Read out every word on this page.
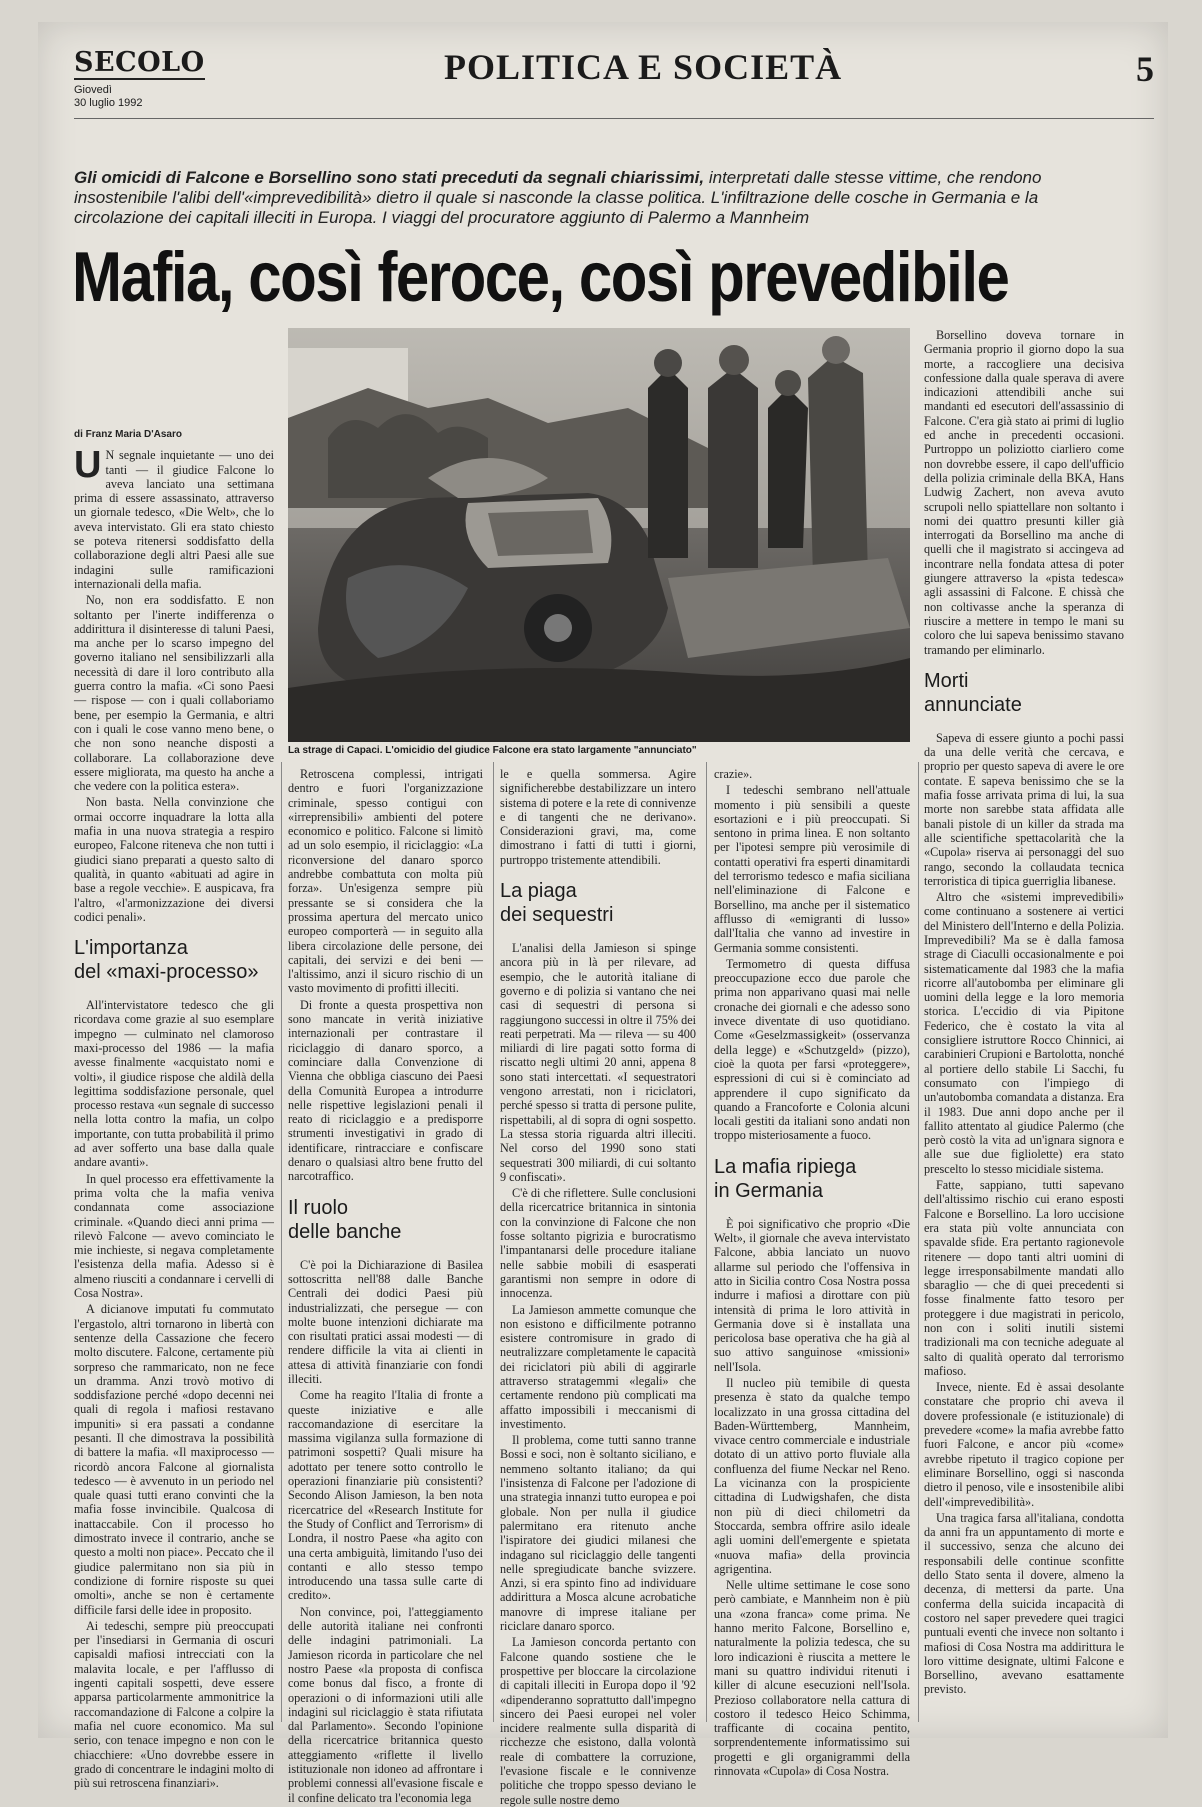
SECOLO
Giovedì
30 luglio 1992
POLITICA E SOCIETÀ	5
Gli omicidi di Falcone e Borsellino sono stati preceduti da segnali chiarissimi, interpretati dalle stesse vittime, che rendono insostenibile l'alibi dell'«imprevedibilità» dietro il quale si nasconde la classe politica. L'infiltrazione delle cosche in Germania e la circolazione dei capitali illeciti in Europa. I viaggi del procuratore aggiunto di Palermo a Mannheim
Mafia, così feroce, così prevedibile
La strage di Capaci. L'omicidio del giudice Falcone era stato largamente "annunciato"
di Franz Maria D'Asaro

U N segnale inquietante — uno dei tanti — il giudice Falcone lo aveva lanciato una settimana prima di essere assassinato, attraverso un giornale tedesco, «Die Welt», che lo aveva intervistato. Gli era stato chiesto se poteva ritenersi soddisfatto della collaborazione degli altri Paesi alle sue indagini sulle ramificazioni internazionali della mafia.

No, non era soddisfatto. E non soltanto per l'inerte indifferenza o addirittura il disinteresse di taluni Paesi, ma anche per lo scarso impegno del governo italiano nel sensibilizzarli alla necessità di dare il loro contributo alla guerra contro la mafia. «Ci sono Paesi — rispose — con i quali collaboriamo bene, per esempio la Germania, e altri con i quali le cose vanno meno bene, o che non sono neanche disposti a collaborare. La collaborazione deve essere migliorata, ma questo ha anche a che vedere con la politica estera».

Non basta. Nella convinzione che ormai occorre inquadrare la lotta alla mafia in una nuova strategia a respiro europeo, Falcone riteneva che non tutti i giudici siano preparati a questo salto di qualità, in quanto «abituati ad agire in base a regole vecchie». E auspicava, fra l'altro, «l'armonizzazione dei diversi codici penali».

L'importanza
del «maxi-processo»

All'intervistatore tedesco che gli ricordava come grazie al suo esemplare impegno — culminato nel clamoroso maxi-processo del 1986 — la mafia avesse finalmente «acquistato nomi e volti», il giudice rispose che aldilà della legittima soddisfazione personale, quel processo restava «un segnale di successo nella lotta contro la mafia, un colpo importante, con tutta probabilità il primo ad aver sofferto una base dalla quale andare avanti».

In quel processo era effettivamente la prima volta che la mafia veniva condannata come associazione criminale. «Quando dieci anni prima — rilevò Falcone — avevo cominciato le mie inchieste, si negava completamente l'esistenza della mafia. Adesso si è almeno riusciti a condannare i cervelli di Cosa Nostra».

A dicianove imputati fu commutato l'ergastolo, altri tornarono in libertà con sentenze della Cassazione che fecero molto discutere. Falcone, certamente più sorpreso che rammaricato, non ne fece un dramma. Anzi trovò motivo di soddisfazione perché «dopo decenni nei quali di regola i mafiosi restavano impuniti» si era passati a condanne pesanti. Il che dimostrava la possibilità di battere la mafia. «Il maxiprocesso — ricordò ancora Falcone al giornalista tedesco — è avvenuto in un periodo nel quale quasi tutti erano convinti che la mafia fosse invincibile. Qualcosa di inattaccabile. Con il processo ho dimostrato invece il contrario, anche se questo a molti non piace». Peccato che il giudice palermitano non sia più in condizione di fornire risposte su quei omolti», anche se non è certamente difficile farsi delle idee in proposito.

Ai tedeschi, sempre più preoccupati per l'insediarsi in Germania di oscuri capisaldi mafiosi intrecciati con la malavita locale, e per l'afflusso di ingenti capitali sospetti, deve essere apparsa particolarmente ammonitrice la raccomandazione di Falcone a colpire la mafia nel cuore economico. Ma sul serio, con tenace impegno e non con le chiacchiere: «Uno dovrebbe essere in grado di concentrare le indagini molto di più sui retroscena finanziari».

Retroscena complessi, intrigati dentro e fuori l'organizzazione criminale, spesso contigui con «irreprensibili» ambienti del potere economico e politico. Falcone si limitò ad un solo esempio, il riciclaggio: «La riconversione del danaro sporco andrebbe combattuta con molta più forza». Un'esigenza sempre più pressante se si considera che la prossima apertura del mercato unico europeo comporterà — in seguito alla libera circolazione delle persone, dei capitali, dei servizi e dei beni — l'altissimo, anzi il sicuro rischio di un vasto movimento di profitti illeciti.

Di fronte a questa prospettiva non sono mancate in verità iniziative internazionali per contrastare il riciclaggio di danaro sporco, a cominciare dalla Convenzione di Vienna che obbliga ciascuno dei Paesi della Comunità Europea a introdurre nelle rispettive legislazioni penali il reato di riciclaggio e a predisporre strumenti investigativi in grado di identificare, rintracciare e confiscare denaro o qualsiasi altro bene frutto del narcotraffico.

Il ruolo
delle banche

C'è poi la Dichiarazione di Basilea sottoscritta nell'88 dalle Banche Centrali dei dodici Paesi più industrializzati, che persegue — con molte buone intenzioni dichiarate ma con risultati pratici assai modesti — di rendere difficile la vita ai clienti in attesa di attività finanziarie con fondi illeciti.

Come ha reagito l'Italia di fronte a queste iniziative e alle raccomandazione di esercitare la massima vigilanza sulla formazione di patrimoni sospetti? Quali misure ha adottato per tenere sotto controllo le operazioni finanziarie più consistenti? Secondo Alison Jamieson, la ben nota ricercatrice del «Research Institute for the Study of Conflict and Terrorism» di Londra, il nostro Paese «ha agito con una certa ambiguità, limitando l'uso dei contanti e allo stesso tempo introducendo una tassa sulle carte di credito».

Non convince, poi, l'atteggiamento delle autorità italiane nei confronti delle indagini patrimoniali. La Jamieson ricorda in particolare che nel nostro Paese «la proposta di confisca come bonus dal fisco, a fronte di operazioni o di informazioni utili alle indagini sul riciclaggio è stata rifiutata dal Parlamento». Secondo l'opinione della ricercatrice britannica questo atteggiamento «riflette il livello istituzionale non idoneo ad affrontare i problemi connessi all'evasione fiscale e il confine delicato tra l'economia lega

le e quella sommersa. Agire significherebbe destabilizzare un intero sistema di potere e la rete di connivenze e di tangenti che ne derivano». Considerazioni gravi, ma, come dimostrano i fatti di tutti i giorni, purtroppo tristemente attendibili.

La piaga
dei sequestri

L'analisi della Jamieson si spinge ancora più in là per rilevare, ad esempio, che le autorità italiane di governo e di polizia si vantano che nei casi di sequestri di persona si raggiungono successi in oltre il 75% dei reati perpetrati. Ma — rileva — su 400 miliardi di lire pagati sotto forma di riscatto negli ultimi 20 anni, appena 8 sono stati intercettati. «I sequestratori vengono arrestati, non i riciclatori, perché spesso si tratta di persone pulite, rispettabili, al di sopra di ogni sospetto. La stessa storia riguarda altri illeciti. Nel corso del 1990 sono stati sequestrati 300 miliardi, di cui soltanto 9 confiscati».

C'è di che riflettere. Sulle conclusioni della ricercatrice britannica in sintonia con la convinzione di Falcone che non fosse soltanto pigrizia e burocratismo l'impantanarsi delle procedure italiane nelle sabbie mobili di esasperati garantismi non sempre in odore di innocenza.

La Jamieson ammette comunque che non esistono e difficilmente potranno esistere contromisure in grado di neutralizzare completamente le capacità dei riciclatori più abili di aggirarle attraverso stratagemmi «legali» che certamente rendono più complicati ma affatto impossibili i meccanismi di investimento.

Il problema, come tutti sanno tranne Bossi e soci, non è soltanto siciliano, e nemmeno soltanto italiano; da qui l'insistenza di Falcone per l'adozione di una strategia innanzi tutto europea e poi globale. Non per nulla il giudice palermitano era ritenuto anche l'ispiratore dei giudici milanesi che indagano sul riciclaggio delle tangenti nelle spregiudicate banche svizzere. Anzi, si era spinto fino ad individuare addirittura a Mosca alcune acrobatiche manovre di imprese italiane per riciclare danaro sporco.

La Jamieson concorda pertanto con Falcone quando sostiene che le prospettive per bloccare la circolazione di capitali illeciti in Europa dopo il '92 «dipenderanno soprattutto dall'impegno sincero dei Paesi europei nel voler incidere realmente sulla disparità di ricchezze che esistono, dalla volontà reale di combattere la corruzione, l'evasione fiscale e le connivenze politiche che troppo spesso deviano le regole sulle nostre demo

crazie».

I tedeschi sembrano nell'attuale momento i più sensibili a queste esortazioni e i più preoccupati. Si sentono in prima linea. E non soltanto per l'ipotesi sempre più verosimile di contatti operativi fra esperti dinamitardi del terrorismo tedesco e mafia siciliana nell'eliminazione di Falcone e Borsellino, ma anche per il sistematico afflusso di «emigranti di lusso» dall'Italia che vanno ad investire in Germania somme consistenti.

Termometro di questa diffusa preoccupazione ecco due parole che prima non apparivano quasi mai nelle cronache dei giornali e che adesso sono invece diventate di uso quotidiano. Come «Geselzmassigkeit» (osservanza della legge) e «Schutzgeld» (pizzo), cioè la quota per farsi «proteggere», espressioni di cui si è cominciato ad apprendere il cupo significato da quando a Francoforte e Colonia alcuni locali gestiti da italiani sono andati non troppo misteriosamente a fuoco.

La mafia ripiega
in Germania

È poi significativo che proprio «Die Welt», il giornale che aveva intervistato Falcone, abbia lanciato un nuovo allarme sul periodo che l'offensiva in atto in Sicilia contro Cosa Nostra possa indurre i mafiosi a dirottare con più intensità di prima le loro attività in Germania dove si è installata una pericolosa base operativa che ha già al suo attivo sanguinose «missioni» nell'Isola.

Il nucleo più temibile di questa presenza è stato da qualche tempo localizzato in una grossa cittadina del Baden-Württemberg, Mannheim, vivace centro commerciale e industriale dotato di un attivo porto fluviale alla confluenza del fiume Neckar nel Reno. La vicinanza con la prospiciente cittadina di Ludwigshafen, che dista non più di dieci chilometri da Stoccarda, sembra offrire asilo ideale agli uomini dell'emergente e spietata «nuova mafia» della provincia agrigentina.

Nelle ultime settimane le cose sono però cambiate, e Mannheim non è più una «zona franca» come prima. Ne hanno merito Falcone, Borsellino e, naturalmente la polizia tedesca, che su loro indicazioni è riuscita a mettere le mani su quattro individui ritenuti i killer di alcune esecuzioni nell'Isola. Prezioso collaboratore nella cattura di costoro il tedesco Heico Schimma, trafficante di cocaina pentito, sorprendentemente informatissimo sui progetti e gli organigrammi della rinnovata «Cupola» di Cosa Nostra.

Borsellino doveva tornare in Germania proprio il giorno dopo la sua morte, a raccogliere una decisiva confessione dalla quale sperava di avere indicazioni attendibili anche sui mandanti ed esecutori dell'assassinio di Falcone. C'era già stato ai primi di luglio ed anche in precedenti occasioni. Purtroppo un poliziotto ciarliero come non dovrebbe essere, il capo dell'ufficio della polizia criminale della BKA, Hans Ludwig Zachert, non aveva avuto scrupoli nello spiattellare non soltanto i nomi dei quattro presunti killer già interrogati da Borsellino ma anche di quelli che il magistrato si accingeva ad incontrare nella fondata attesa di poter giungere attraverso la «pista tedesca» agli assassini di Falcone. E chissà che non coltivasse anche la speranza di riuscire a mettere in tempo le mani su coloro che lui sapeva benissimo stavano tramando per eliminarlo.

Morti
annunciate

Sapeva di essere giunto a pochi passi da una delle verità che cercava, e proprio per questo sapeva di avere le ore contate. E sapeva benissimo che se la mafia fosse arrivata prima di lui, la sua morte non sarebbe stata affidata alle banali pistole di un killer da strada ma alle scientifiche spettacolarità che la «Cupola» riserva ai personaggi del suo rango, secondo la collaudata tecnica terroristica di tipica guerriglia libanese.

Altro che «sistemi imprevedibili» come continuano a sostenere ai vertici del Ministero dell'Interno e della Polizia. Imprevedibili? Ma se è dalla famosa strage di Ciaculli occasionalmente e poi sistematicamente dal 1983 che la mafia ricorre all'autobomba per eliminare gli uomini della legge e la loro memoria storica. L'eccidio di via Pipitone Federico, che è costato la vita al consigliere istruttore Rocco Chinnici, ai carabinieri Crupioni e Bartolotta, nonché al portiere dello stabile Li Sacchi, fu consumato con l'impiego di un'autobomba comandata a distanza. Era il 1983. Due anni dopo anche per il fallito attentato al giudice Palermo (che però costò la vita ad un'ignara signora e alle sue due figliolette) era stato prescelto lo stesso micidiale sistema.

Fatte, sappiano, tutti sapevano dell'altissimo rischio cui erano esposti Falcone e Borsellino. La loro uccisione era stata più volte annunciata con spavalde sfide. Era pertanto ragionevole ritenere — dopo tanti altri uomini di legge irresponsabilmente mandati allo sbaraglio — che di quei precedenti si fosse finalmente fatto tesoro per proteggere i due magistrati in pericolo, non con i soliti inutili sistemi tradizionali ma con tecniche adeguate al salto di qualità operato dal terrorismo mafioso.

Invece, niente. Ed è assai desolante constatare che proprio chi aveva il dovere professionale (e istituzionale) di prevedere «come» la mafia avrebbe fatto fuori Falcone, e ancor più «come» avrebbe ripetuto il tragico copione per eliminare Borsellino, oggi si nasconda dietro il penoso, vile e insostenibile alibi dell'«imprevedibilità».

Una tragica farsa all'italiana, condotta da anni fra un appuntamento di morte e il successivo, senza che alcuno dei responsabili delle continue sconfitte dello Stato senta il dovere, almeno la decenza, di mettersi da parte. Una conferma della suicida incapacità di costoro nel saper prevedere quei tragici puntuali eventi che invece non soltanto i mafiosi di Cosa Nostra ma addirittura le loro vittime designate, ultimi Falcone e Borsellino, avevano esattamente previsto.
